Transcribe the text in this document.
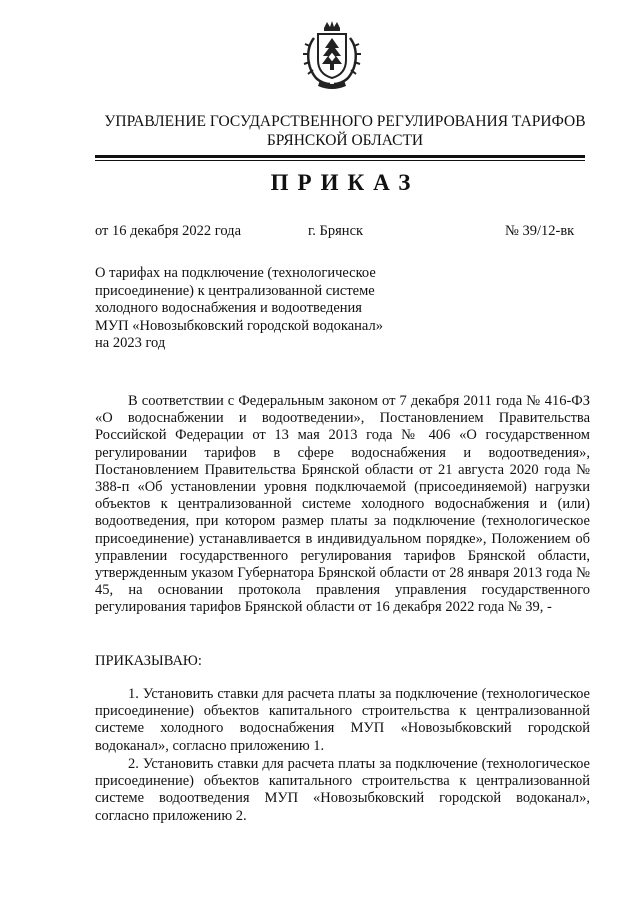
УПРАВЛЕНИЕ ГОСУДАРСТВЕННОГО РЕГУЛИРОВАНИЯ ТАРИФОВ
БРЯНСКОЙ ОБЛАСТИ
ПРИКАЗ
от 16 декабря 2022 года	г. Брянск	№ 39/12-вк
О тарифах на подключение (технологическое
присоединение) к централизованной системе
холодного водоснабжения и водоотведения
МУП «Новозыбковский городской водоканал»
на 2023 год

В соответствии с Федеральным законом от 7 декабря 2011 года № 416-ФЗ «О водоснабжении и водоотведении», Постановлением Правительства Российской Федерации от 13 мая 2013 года № 406 «О государственном регулировании тарифов в сфере водоснабжения и водоотведения», Постановлением Правительства Брянской области от 21 августа 2020 года № 388-п «Об установлении уровня подключаемой (присоединяемой) нагрузки объектов к централизованной системе холодного водоснабжения и (или) водоотведения, при котором размер платы за подключение (технологическое присоединение) устанавливается в индивидуальном порядке», Положением об управлении государственного регулирования тарифов Брянской области, утвержденным указом Губернатора Брянской области от 28 января 2013 года № 45, на основании протокола правления управления государственного регулирования тарифов Брянской области от 16 декабря 2022 года № 39, -

ПРИКАЗЫВАЮ:

1. Установить ставки для расчета платы за подключение (технологическое присоединение) объектов капитального строительства к централизованной системе холодного водоснабжения МУП «Новозыбковский городской водоканал», согласно приложению 1.

2. Установить ставки для расчета платы за подключение (технологическое присоединение) объектов капитального строительства к централизованной системе водоотведения МУП «Новозыбковский городской водоканал», согласно приложению 2.
